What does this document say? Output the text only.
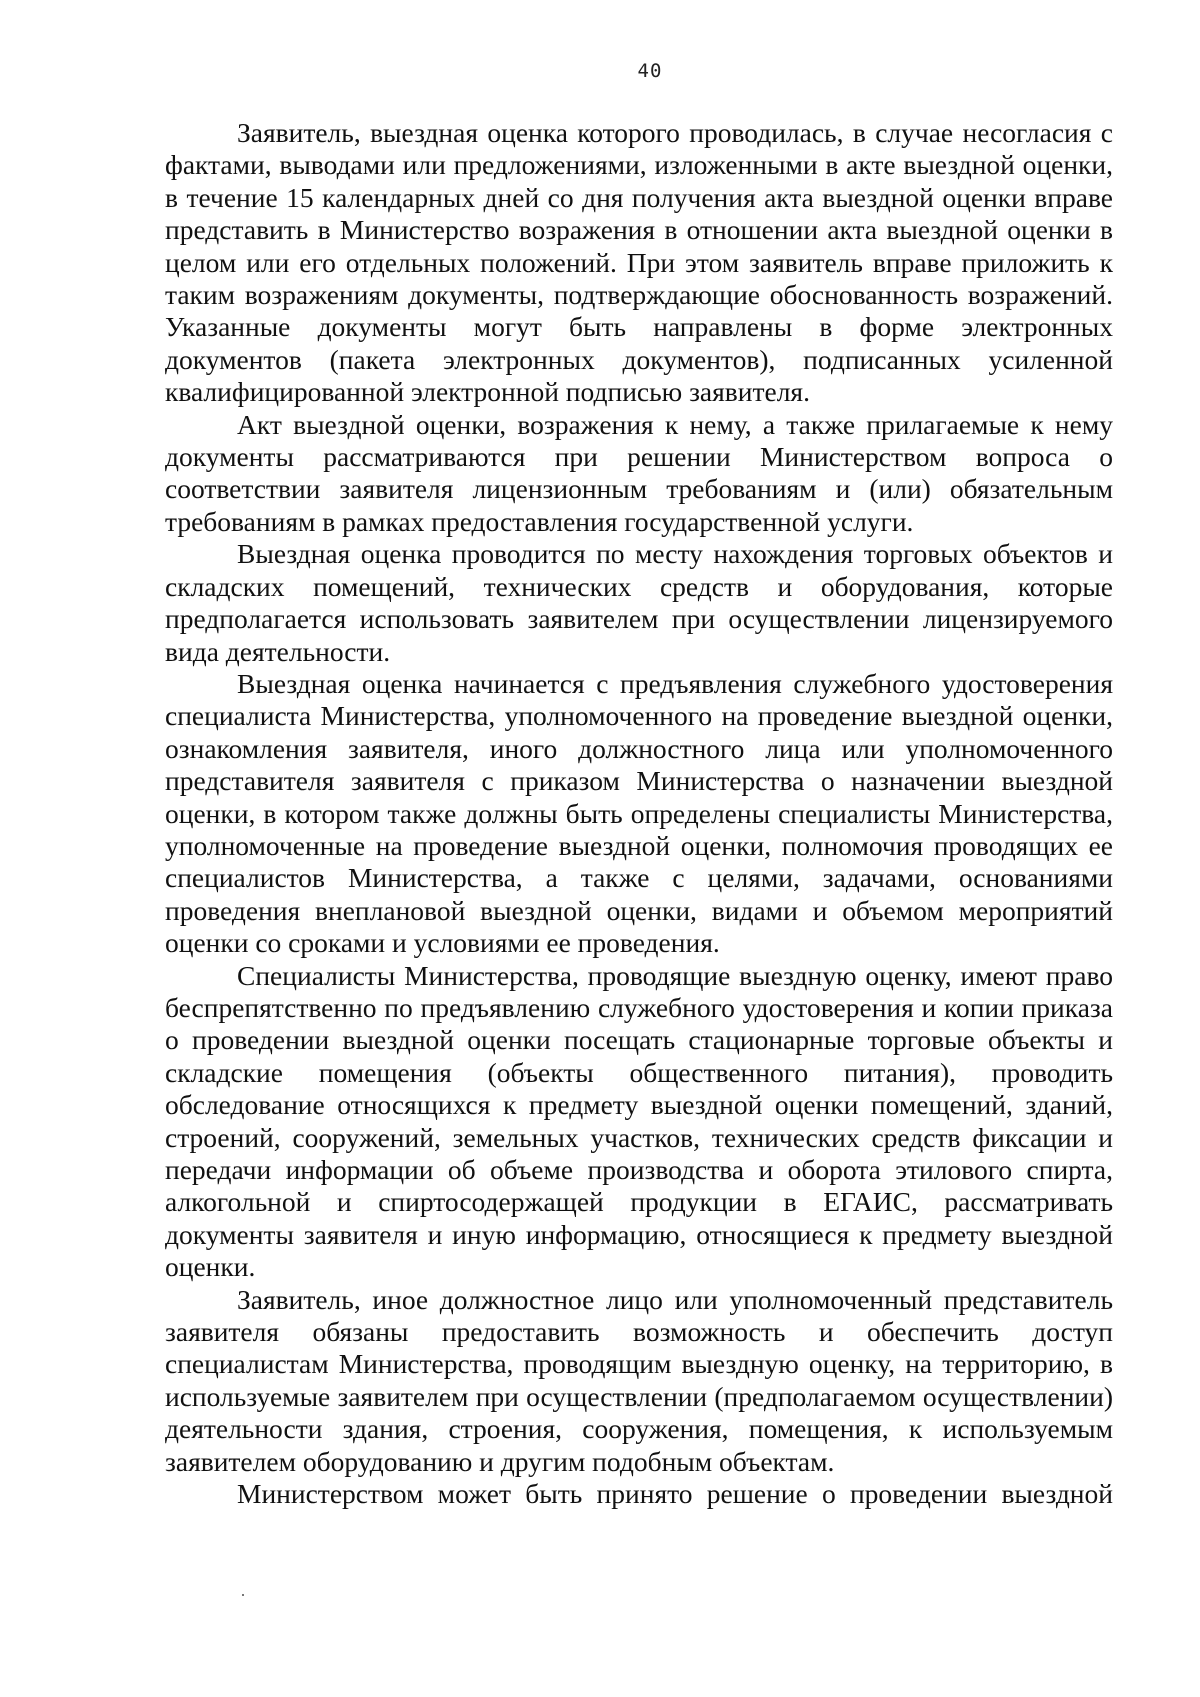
40

Заявитель, выездная оценка которого проводилась, в случае несогласия с фактами, выводами или предложениями, изложенными в акте выездной оценки, в течение 15 календарных дней со дня получения акта выездной оценки вправе представить в Министерство возражения в отношении акта выездной оценки в целом или его отдельных положений. При этом заявитель вправе приложить к таким возражениям документы, подтверждающие обоснованность возражений. Указанные документы могут быть направлены в форме электронных документов (пакета электронных документов), подписанных усиленной квалифицированной электронной подписью заявителя.

Акт выездной оценки, возражения к нему, а также прилагаемые к нему документы рассматриваются при решении Министерством вопроса о соответствии заявителя лицензионным требованиям и (или) обязательным требованиям в рамках предоставления государственной услуги.

Выездная оценка проводится по месту нахождения торговых объектов и складских помещений, технических средств и оборудования, которые предполагается использовать заявителем при осуществлении лицензируемого вида деятельности.

Выездная оценка начинается с предъявления служебного удостоверения специалиста Министерства, уполномоченного на проведение выездной оценки, ознакомления заявителя, иного должностного лица или уполномоченного представителя заявителя с приказом Министерства о назначении выездной оценки, в котором также должны быть определены специалисты Министерства, уполномоченные на проведение выездной оценки, полномочия проводящих ее специалистов Министерства, а также с целями, задачами, основаниями проведения внеплановой выездной оценки, видами и объемом мероприятий оценки со сроками и условиями ее проведения.

Специалисты Министерства, проводящие выездную оценку, имеют право беспрепятственно по предъявлению служебного удостоверения и копии приказа о проведении выездной оценки посещать стационарные торговые объекты и складские помещения (объекты общественного питания), проводить обследование относящихся к предмету выездной оценки помещений, зданий, строений, сооружений, земельных участков, технических средств фиксации и передачи информации об объеме производства и оборота этилового спирта, алкогольной и спиртосодержащей продукции в ЕГАИС, рассматривать документы заявителя и иную информацию, относящиеся к предмету выездной оценки.

Заявитель, иное должностное лицо или уполномоченный представитель заявителя обязаны предоставить возможность и обеспечить доступ специалистам Министерства, проводящим выездную оценку, на территорию, в используемые заявителем при осуществлении (предполагаемом осуществлении) деятельности здания, строения, сооружения, помещения, к используемым заявителем оборудованию и другим подобным объектам.

Министерством может быть принято решение о проведении выездной
